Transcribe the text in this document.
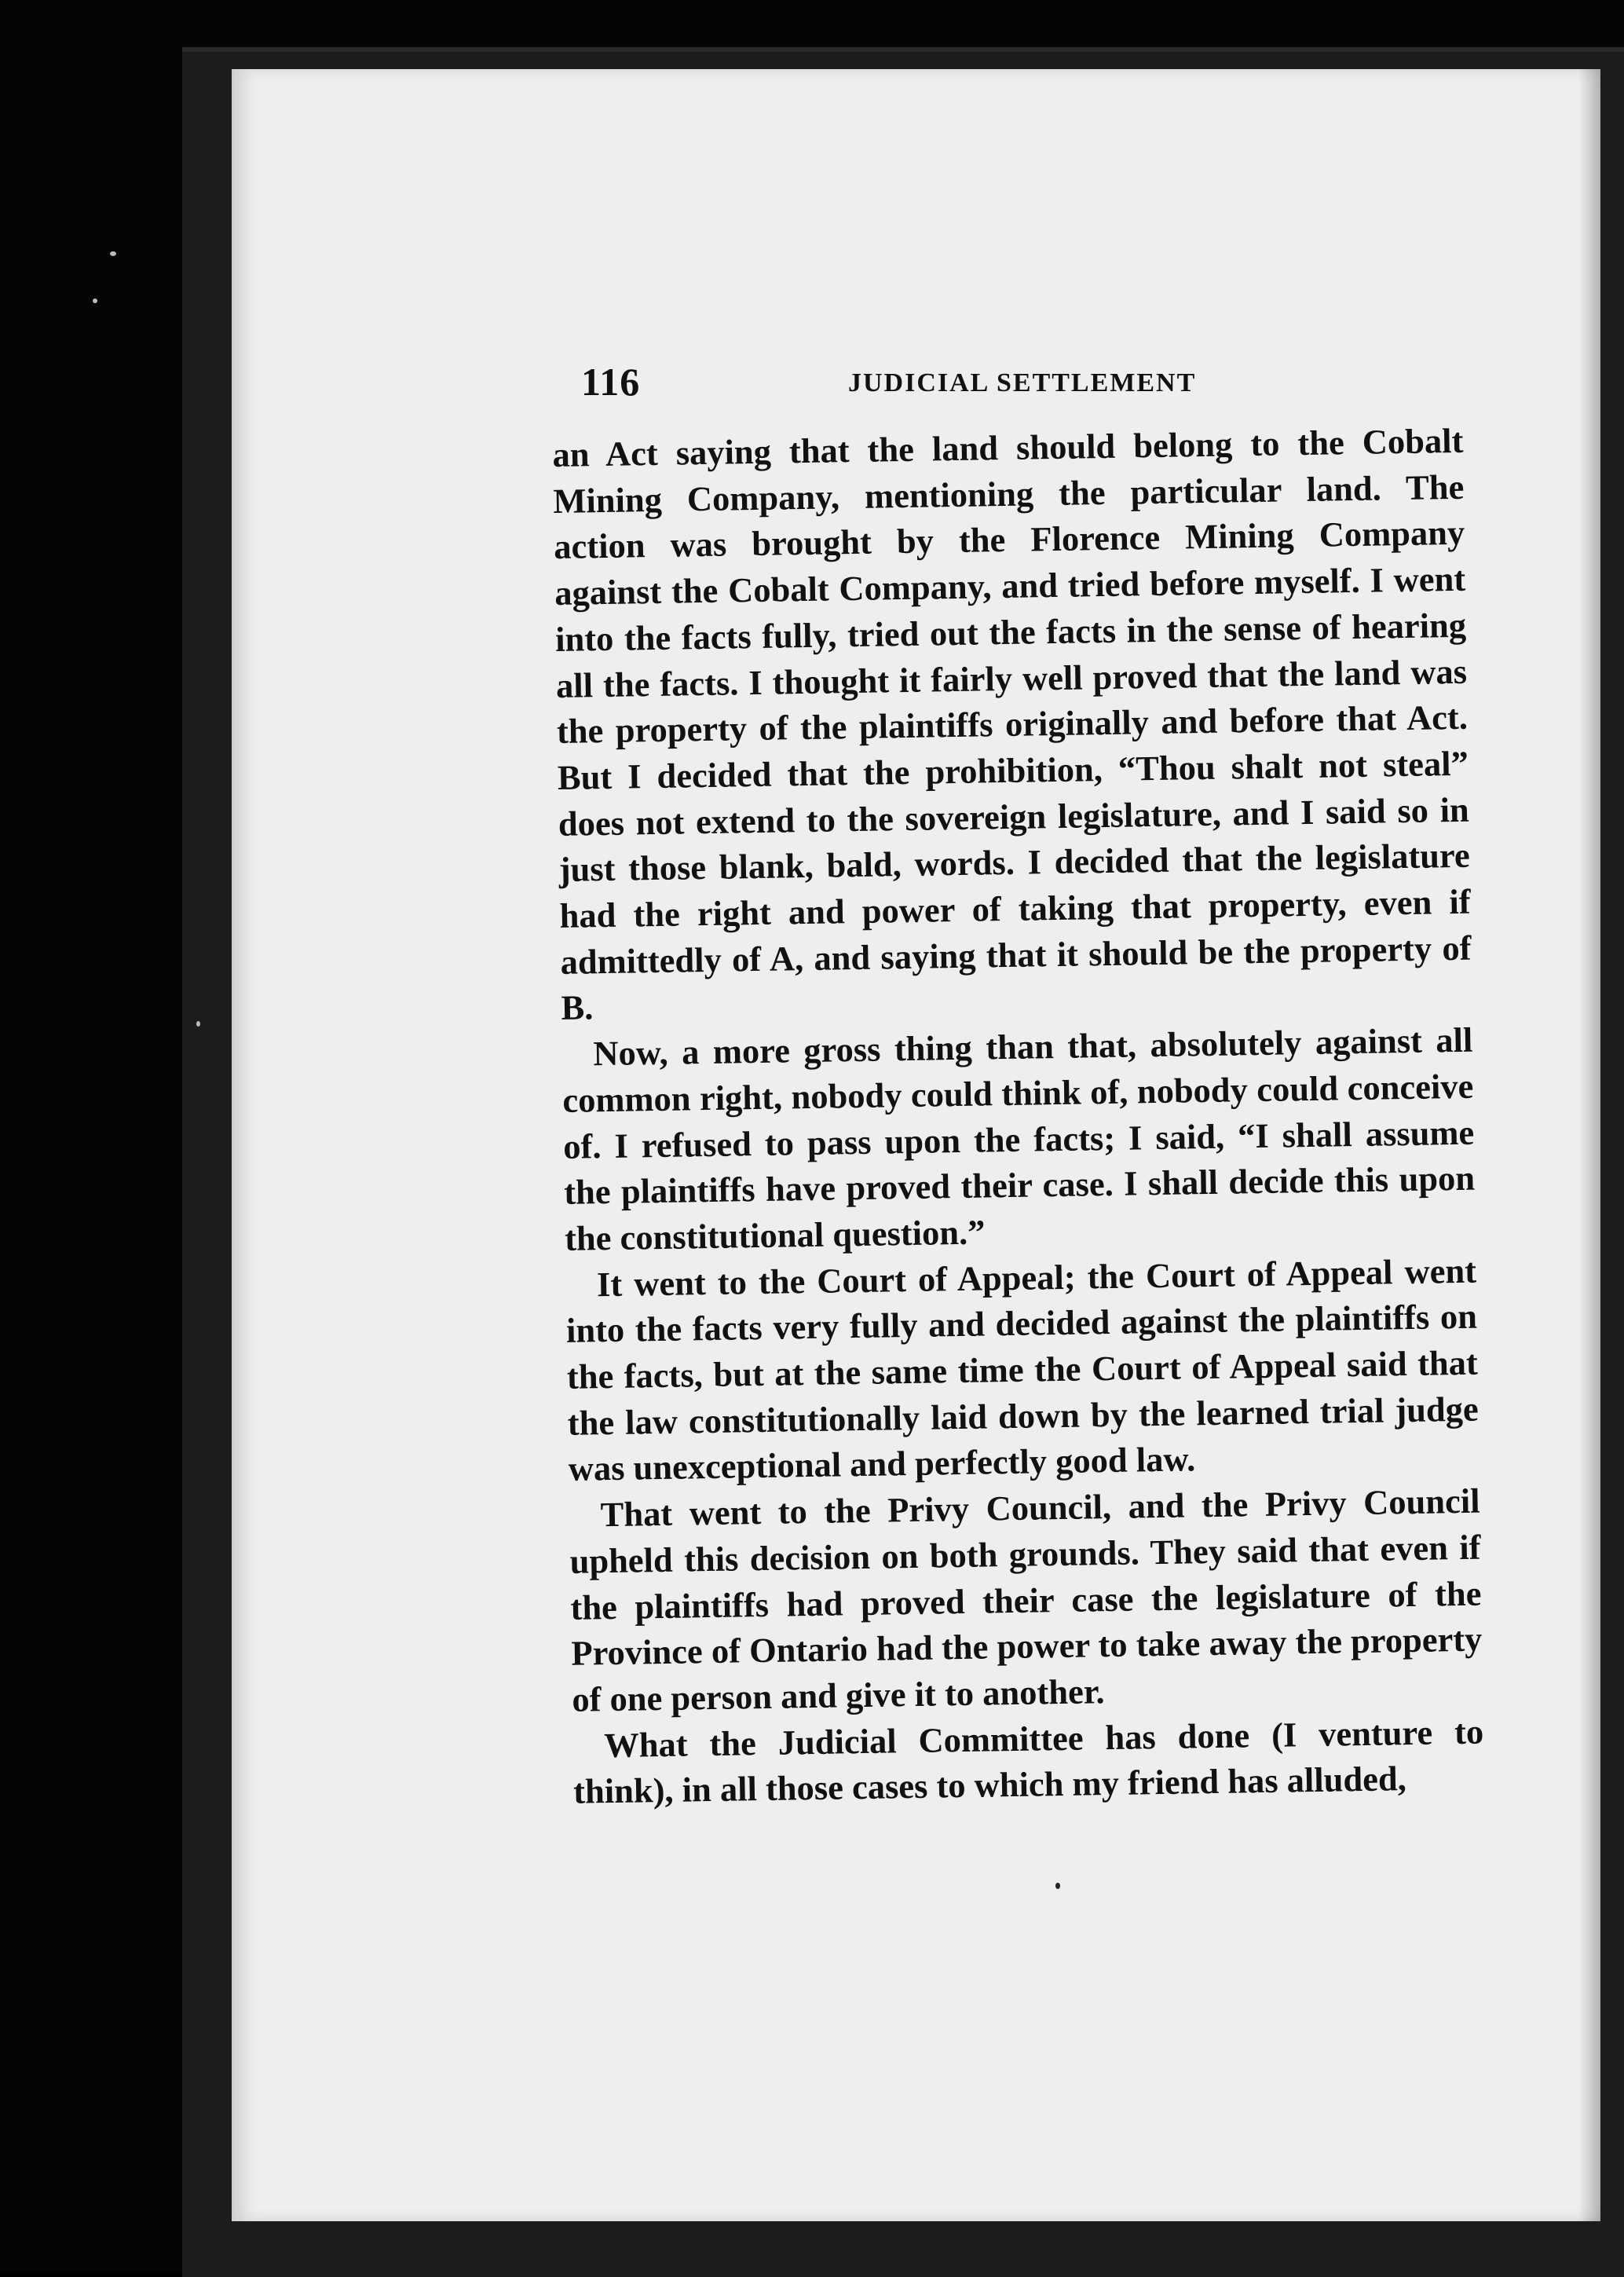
116	JUDICIAL SETTLEMENT

an Act saying that the land should belong to the Cobalt Mining Company, mentioning the particular land. The action was brought by the Florence Mining Company against the Cobalt Company, and tried before myself. I went into the facts fully, tried out the facts in the sense of hearing all the facts. I thought it fairly well proved that the land was the property of the plaintiffs originally and before that Act. But I decided that the prohibition, “Thou shalt not steal” does not extend to the sovereign legislature, and I said so in just those blank, bald, words. I decided that the legislature had the right and power of taking that property, even if admittedly of A, and saying that it should be the property of B.

Now, a more gross thing than that, absolutely against all common right, nobody could think of, nobody could conceive of. I refused to pass upon the facts; I said, “I shall assume the plaintiffs have proved their case. I shall decide this upon the constitutional question.”

It went to the Court of Appeal; the Court of Appeal went into the facts very fully and decided against the plaintiffs on the facts, but at the same time the Court of Appeal said that the law constitutionally laid down by the learned trial judge was unexceptional and perfectly good law.

That went to the Privy Council, and the Privy Council upheld this decision on both grounds. They said that even if the plaintiffs had proved their case the legislature of the Province of Ontario had the power to take away the property of one person and give it to another.

What the Judicial Committee has done (I venture to think), in all those cases to which my friend has alluded,
